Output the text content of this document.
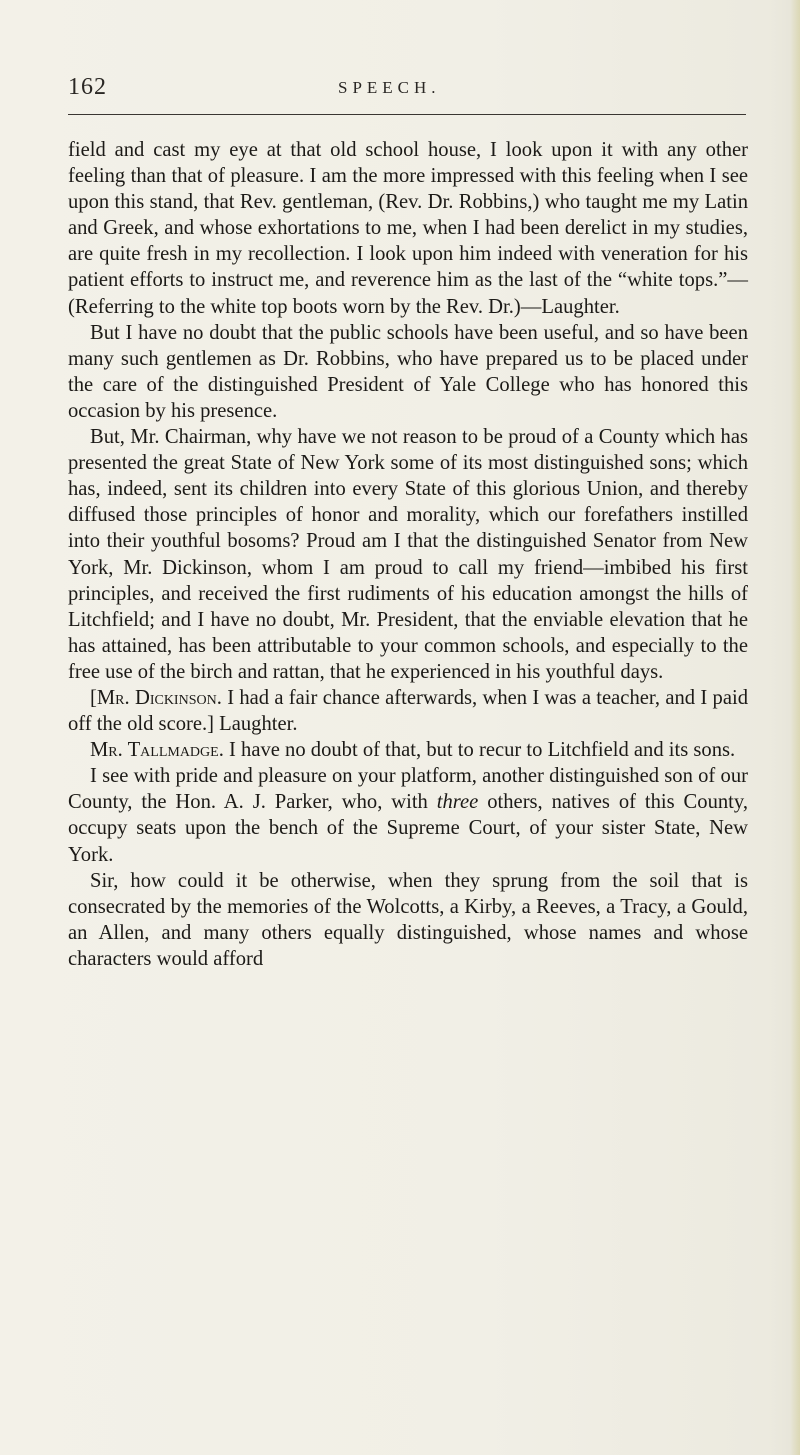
162	SPEECH.

field and cast my eye at that old school house, I look upon it with any other feeling than that of pleasure. I am the more impressed with this feeling when I see upon this stand, that Rev. gentleman, (Rev. Dr. Robbins,) who taught me my Latin and Greek, and whose exhortations to me, when I had been derelict in my studies, are quite fresh in my recollection. I look upon him indeed with veneration for his patient efforts to instruct me, and reverence him as the last of the “white tops.”—(Referring to the white top boots worn by the Rev. Dr.)—Laughter.

But I have no doubt that the public schools have been useful, and so have been many such gentlemen as Dr. Robbins, who have prepared us to be placed under the care of the distinguished President of Yale College who has honored this occasion by his presence.

But, Mr. Chairman, why have we not reason to be proud of a County which has presented the great State of New York some of its most distinguished sons; which has, indeed, sent its children into every State of this glorious Union, and thereby diffused those principles of honor and morality, which our forefathers instilled into their youthful bosoms? Proud am I that the distinguished Senator from New York, Mr. Dickinson, whom I am proud to call my friend—imbibed his first principles, and received the first rudiments of his education amongst the hills of Litchfield; and I have no doubt, Mr. President, that the enviable elevation that he has attained, has been attributable to your common schools, and especially to the free use of the birch and rattan, that he experienced in his youthful days.

[Mr. Dickinson. I had a fair chance afterwards, when I was a teacher, and I paid off the old score.] Laughter.

Mr. Tallmadge. I have no doubt of that, but to recur to Litchfield and its sons.

I see with pride and pleasure on your platform, another distinguished son of our County, the Hon. A. J. Parker, who, with three others, natives of this County, occupy seats upon the bench of the Supreme Court, of your sister State, New York.

Sir, how could it be otherwise, when they sprung from the soil that is consecrated by the memories of the Wolcotts, a Kirby, a Reeves, a Tracy, a Gould, an Allen, and many others equally distinguished, whose names and whose characters would afford
